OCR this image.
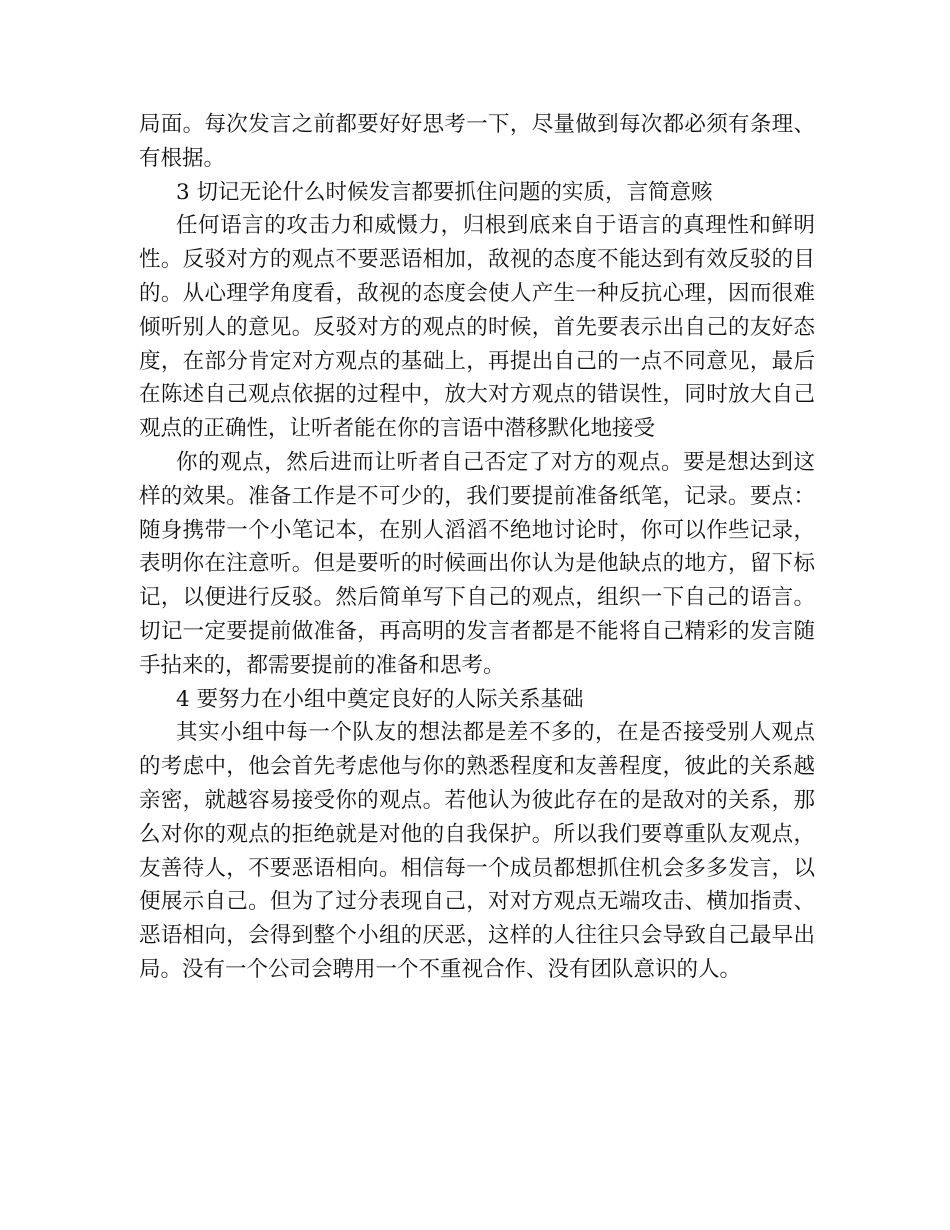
局面。每次发言之前都要好好思考一下，尽量做到每次都必须有条理、有根据。

3 切记无论什么时候发言都要抓住问题的实质，言简意赅

任何语言的攻击力和威慑力，归根到底来自于语言的真理性和鲜明性。反驳对方的观点不要恶语相加，敌视的态度不能达到有效反驳的目的。从心理学角度看，敌视的态度会使人产生一种反抗心理，因而很难倾听别人的意见。反驳对方的观点的时候，首先要表示出自己的友好态度，在部分肯定对方观点的基础上，再提出自己的一点不同意见，最后在陈述自己观点依据的过程中，放大对方观点的错误性，同时放大自己观点的正确性，让听者能在你的言语中潜移默化地接受

你的观点，然后进而让听者自己否定了对方的观点。要是想达到这样的效果。准备工作是不可少的，我们要提前准备纸笔，记录。要点：随身携带一个小笔记本，在别人滔滔不绝地讨论时，你可以作些记录，表明你在注意听。但是要听的时候画出你认为是他缺点的地方，留下标记，以便进行反驳。然后简单写下自己的观点，组织一下自己的语言。切记一定要提前做准备，再高明的发言者都是不能将自己精彩的发言随手拈来的，都需要提前的准备和思考。

4 要努力在小组中奠定良好的人际关系基础

其实小组中每一个队友的想法都是差不多的，在是否接受别人观点的考虑中，他会首先考虑他与你的熟悉程度和友善程度，彼此的关系越亲密，就越容易接受你的观点。若他认为彼此存在的是敌对的关系，那么对你的观点的拒绝就是对他的自我保护。所以我们要尊重队友观点，友善待人，不要恶语相向。相信每一个成员都想抓住机会多多发言，以便展示自己。但为了过分表现自己，对对方观点无端攻击、横加指责、恶语相向，会得到整个小组的厌恶，这样的人往往只会导致自己最早出局。没有一个公司会聘用一个不重视合作、没有团队意识的人。
